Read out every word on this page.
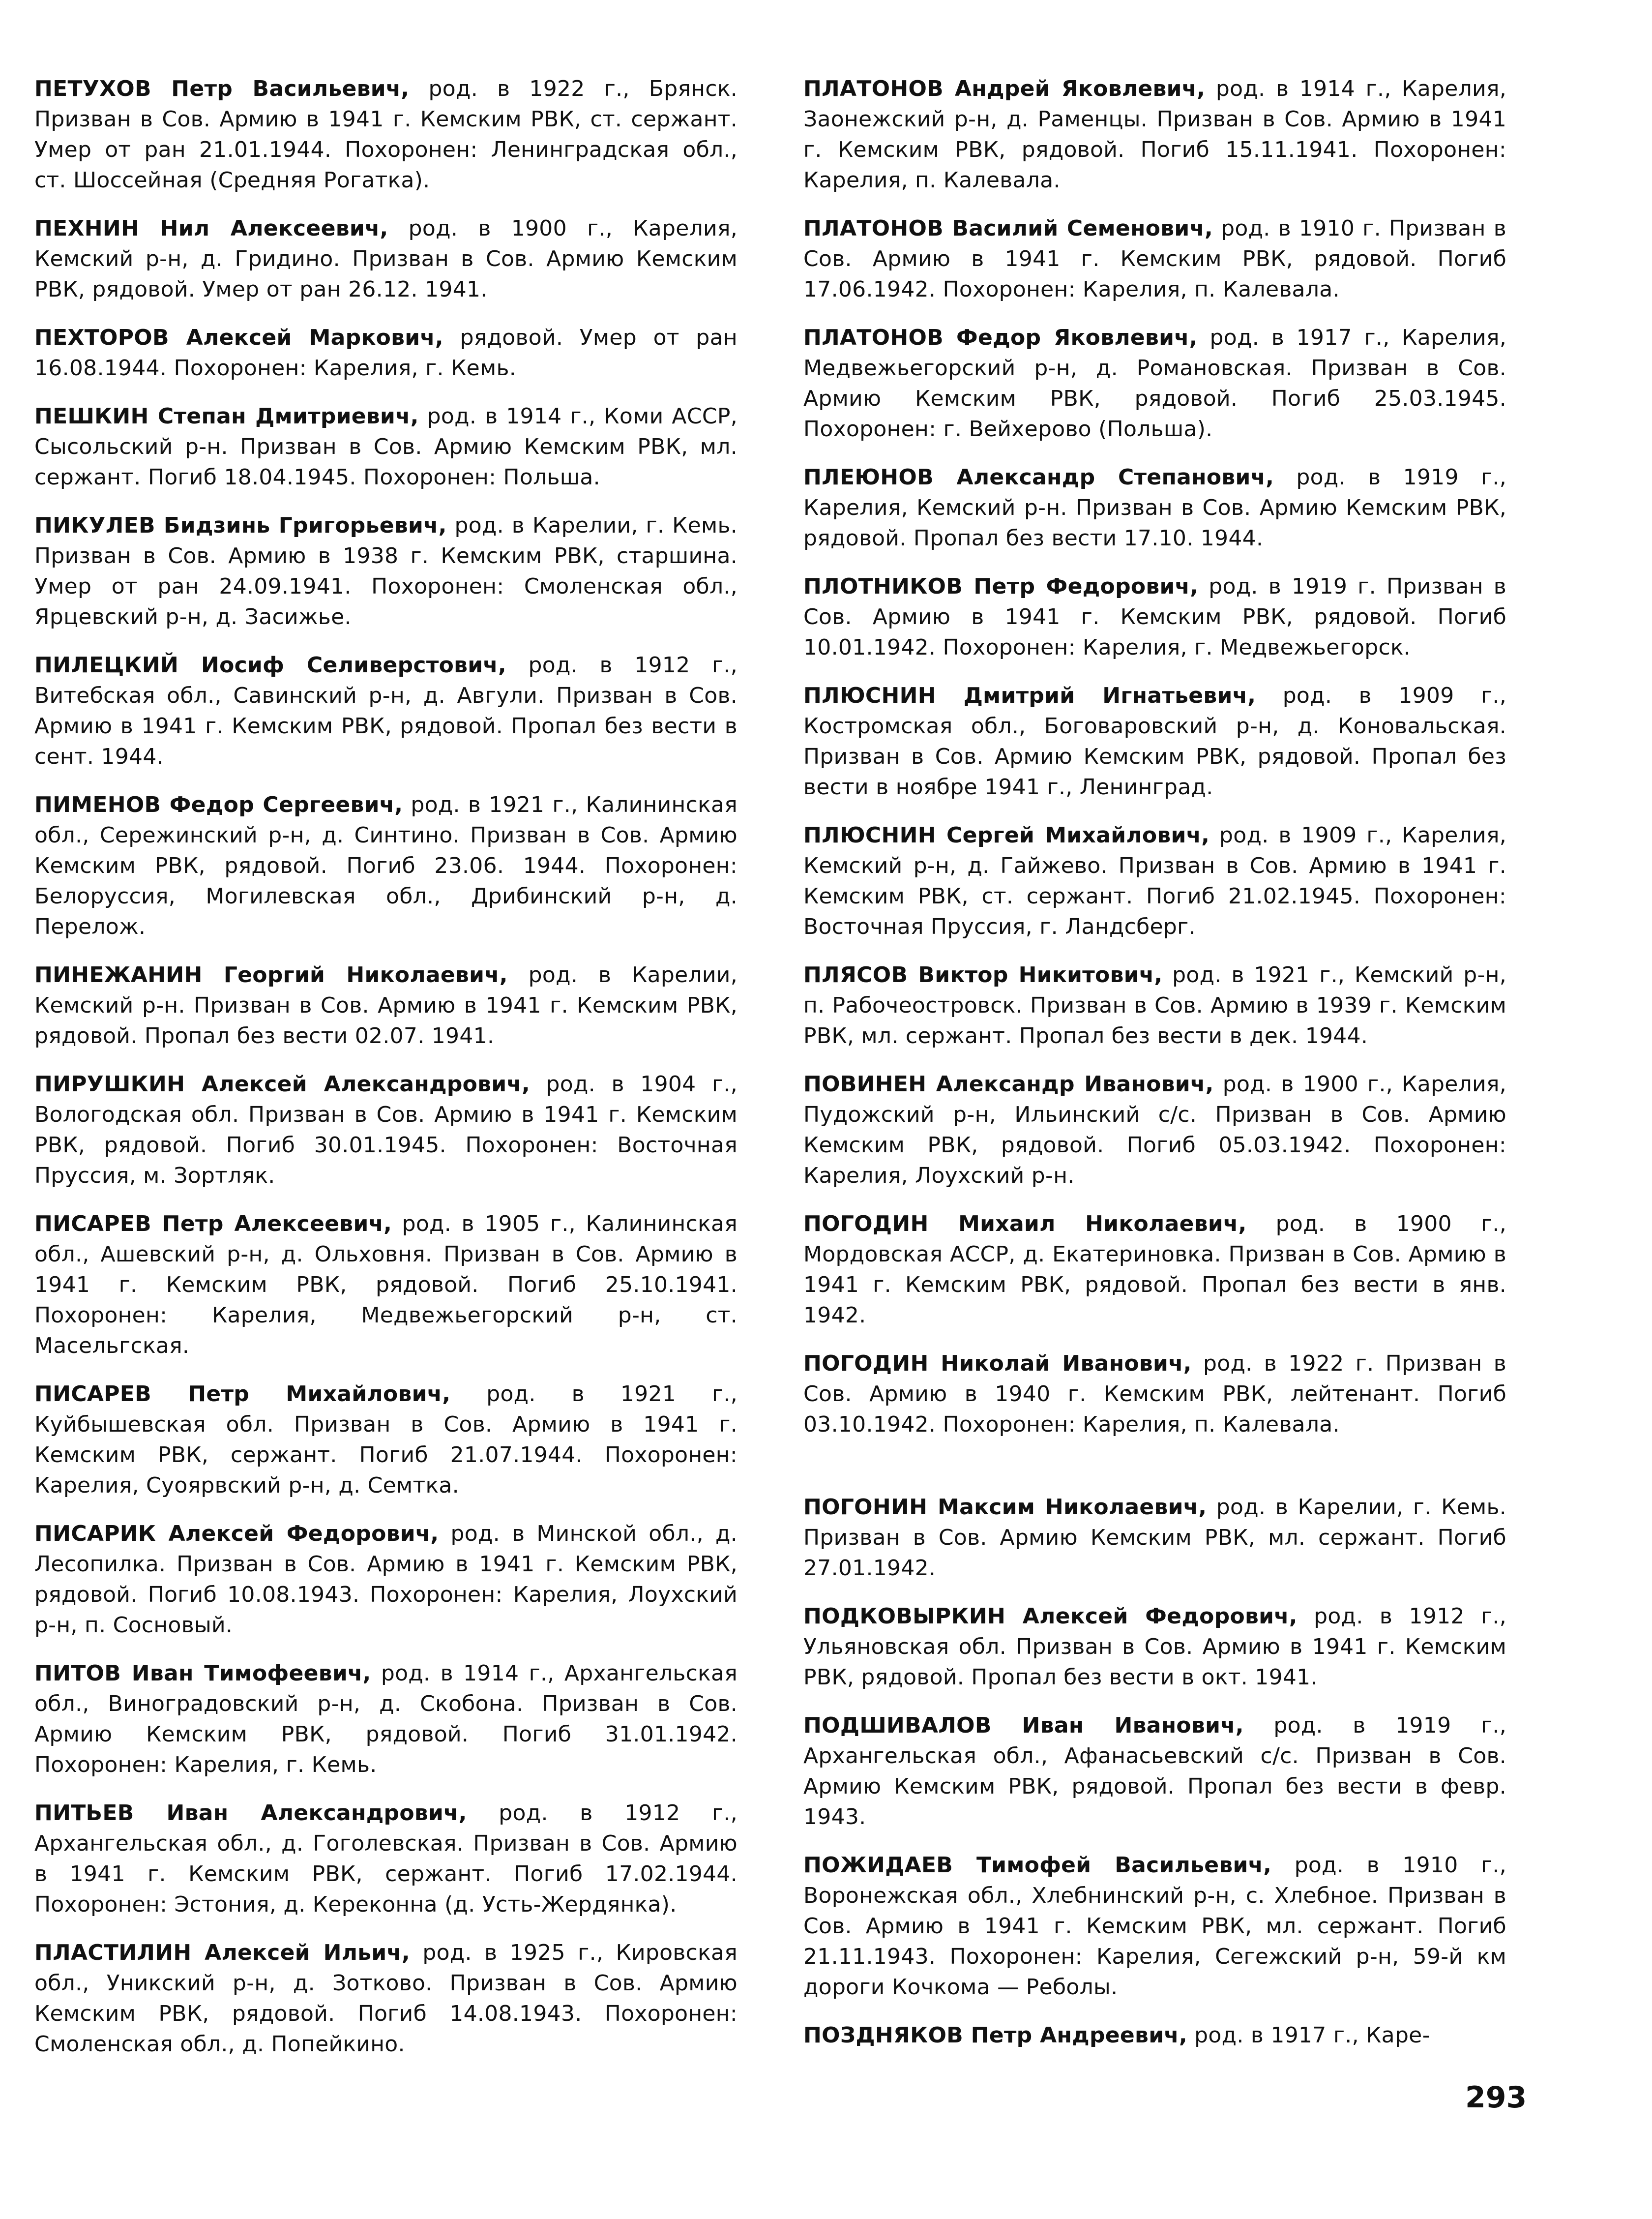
ПЕТУХОВ Петр Васильевич, род. в 1922 г., Брянск. Призван в Сов. Армию в 1941 г. Кемским РВК, ст. сержант. Умер от ран 21.01.1944. Похоронен: Ленинградская обл., ст. Шоссейная (Средняя Рогатка).

ПЕХНИН Нил Алексеевич, род. в 1900 г., Карелия, Кемский р-н, д. Гридино. Призван в Сов. Армию Кемским РВК, рядовой. Умер от ран 26.12. 1941.

ПЕХТОРОВ Алексей Маркович, рядовой. Умер от ран 16.08.1944. Похоронен: Карелия, г. Кемь.

ПЕШКИН Степан Дмитриевич, род. в 1914 г., Коми АССР, Сысольский р-н. Призван в Сов. Армию Кемским РВК, мл. сержант. Погиб 18.04.1945. Похоронен: Польша.

ПИКУЛЕВ Бидзинь Григорьевич, род. в Карелии, г. Кемь. Призван в Сов. Армию в 1938 г. Кемским РВК, старшина. Умер от ран 24.09.1941. Похоронен: Смоленская обл., Ярцевский р-н, д. Засижье.

ПИЛЕЦКИЙ Иосиф Селиверстович, род. в 1912 г., Витебская обл., Савинский р-н, д. Авгули. Призван в Сов. Армию в 1941 г. Кемским РВК, рядовой. Пропал без вести в сент. 1944.

ПИМЕНОВ Федор Сергеевич, род. в 1921 г., Калининская обл., Сережинский р-н, д. Синтино. Призван в Сов. Армию Кемским РВК, рядовой. Погиб 23.06. 1944. Похоронен: Белоруссия, Могилевская обл., Дрибинский р-н, д. Перелож.

ПИНЕЖАНИН Георгий Николаевич, род. в Карелии, Кемский р-н. Призван в Сов. Армию в 1941 г. Кемским РВК, рядовой. Пропал без вести 02.07. 1941.

ПИРУШКИН Алексей Александрович, род. в 1904 г., Вологодская обл. Призван в Сов. Армию в 1941 г. Кемским РВК, рядовой. Погиб 30.01.1945. Похоронен: Восточная Пруссия, м. Зортляк.

ПИСАРЕВ Петр Алексеевич, род. в 1905 г., Калининская обл., Ашевский р-н, д. Ольховня. Призван в Сов. Армию в 1941 г. Кемским РВК, рядовой. Погиб 25.10.1941. Похоронен: Карелия, Медвежьегорский р-н, ст. Масельгская.

ПИСАРЕВ Петр Михайлович, род. в 1921 г., Куйбышевская обл. Призван в Сов. Армию в 1941 г. Кемским РВК, сержант. Погиб 21.07.1944. Похоронен: Карелия, Суоярвский р-н, д. Семтка.

ПИСАРИК Алексей Федорович, род. в Минской обл., д. Лесопилка. Призван в Сов. Армию в 1941 г. Кемским РВК, рядовой. Погиб 10.08.1943. Похоронен: Карелия, Лоухский р-н, п. Сосновый.

ПИТОВ Иван Тимофеевич, род. в 1914 г., Архангельская обл., Виноградовский р-н, д. Скобона. Призван в Сов. Армию Кемским РВК, рядовой. Погиб 31.01.1942. Похоронен: Карелия, г. Кемь.

ПИТЬЕВ Иван Александрович, род. в 1912 г., Архангельская обл., д. Гоголевская. Призван в Сов. Армию в 1941 г. Кемским РВК, сержант. Погиб 17.02.1944. Похоронен: Эстония, д. Кереконна (д. Усть-Жердянка).

ПЛАСТИЛИН Алексей Ильич, род. в 1925 г., Кировская обл., Уникский р-н, д. Зотково. Призван в Сов. Армию Кемским РВК, рядовой. Погиб 14.08.1943. Похоронен: Смоленская обл., д. Попейкино.

ПЛАТОНОВ Андрей Яковлевич, род. в 1914 г., Карелия, Заонежский р-н, д. Раменцы. Призван в Сов. Армию в 1941 г. Кемским РВК, рядовой. Погиб 15.11.1941. Похоронен: Карелия, п. Калевала.

ПЛАТОНОВ Василий Семенович, род. в 1910 г. Призван в Сов. Армию в 1941 г. Кемским РВК, рядовой. Погиб 17.06.1942. Похоронен: Карелия, п. Калевала.

ПЛАТОНОВ Федор Яковлевич, род. в 1917 г., Карелия, Медвежьегорский р-н, д. Романовская. Призван в Сов. Армию Кемским РВК, рядовой. Погиб 25.03.1945. Похоронен: г. Вейхерово (Польша).

ПЛЕЮНОВ Александр Степанович, род. в 1919 г., Карелия, Кемский р-н. Призван в Сов. Армию Кемским РВК, рядовой. Пропал без вести 17.10. 1944.

ПЛОТНИКОВ Петр Федорович, род. в 1919 г. Призван в Сов. Армию в 1941 г. Кемским РВК, рядовой. Погиб 10.01.1942. Похоронен: Карелия, г. Медвежьегорск.

ПЛЮСНИН Дмитрий Игнатьевич, род. в 1909 г., Костромская обл., Боговаровский р-н, д. Коновальская. Призван в Сов. Армию Кемским РВК, рядовой. Пропал без вести в ноябре 1941 г., Ленинград.

ПЛЮСНИН Сергей Михайлович, род. в 1909 г., Карелия, Кемский р-н, д. Гайжево. Призван в Сов. Армию в 1941 г. Кемским РВК, ст. сержант. Погиб 21.02.1945. Похоронен: Восточная Пруссия, г. Ландсберг.

ПЛЯСОВ Виктор Никитович, род. в 1921 г., Кемский р-н, п. Рабочеостровск. Призван в Сов. Армию в 1939 г. Кемским РВК, мл. сержант. Пропал без вести в дек. 1944.

ПОВИНЕН Александр Иванович, род. в 1900 г., Карелия, Пудожский р-н, Ильинский с/с. Призван в Сов. Армию Кемским РВК, рядовой. Погиб 05.03.1942. Похоронен: Карелия, Лоухский р-н.

ПОГОДИН Михаил Николаевич, род. в 1900 г., Мордовская АССР, д. Екатериновка. Призван в Сов. Армию в 1941 г. Кемским РВК, рядовой. Пропал без вести в янв. 1942.

ПОГОДИН Николай Иванович, род. в 1922 г. Призван в Сов. Армию в 1940 г. Кемским РВК, лейтенант. Погиб 03.10.1942. Похоронен: Карелия, п. Калевала.

ПОГОНИН Максим Николаевич, род. в Карелии, г. Кемь. Призван в Сов. Армию Кемским РВК, мл. сержант. Погиб 27.01.1942.

ПОДКОВЫРКИН Алексей Федорович, род. в 1912 г., Ульяновская обл. Призван в Сов. Армию в 1941 г. Кемским РВК, рядовой. Пропал без вести в окт. 1941.

ПОДШИВАЛОВ Иван Иванович, род. в 1919 г., Архангельская обл., Афанасьевский с/с. Призван в Сов. Армию Кемским РВК, рядовой. Пропал без вести в февр. 1943.

ПОЖИДАЕВ Тимофей Васильевич, род. в 1910 г., Воронежская обл., Хлебнинский р-н, с. Хлебное. Призван в Сов. Армию в 1941 г. Кемским РВК, мл. сержант. Погиб 21.11.1943. Похоронен: Карелия, Сегежский р-н, 59-й км дороги Кочкома — Реболы.

ПОЗДНЯКОВ Петр Андреевич, род. в 1917 г., Каре-

293
